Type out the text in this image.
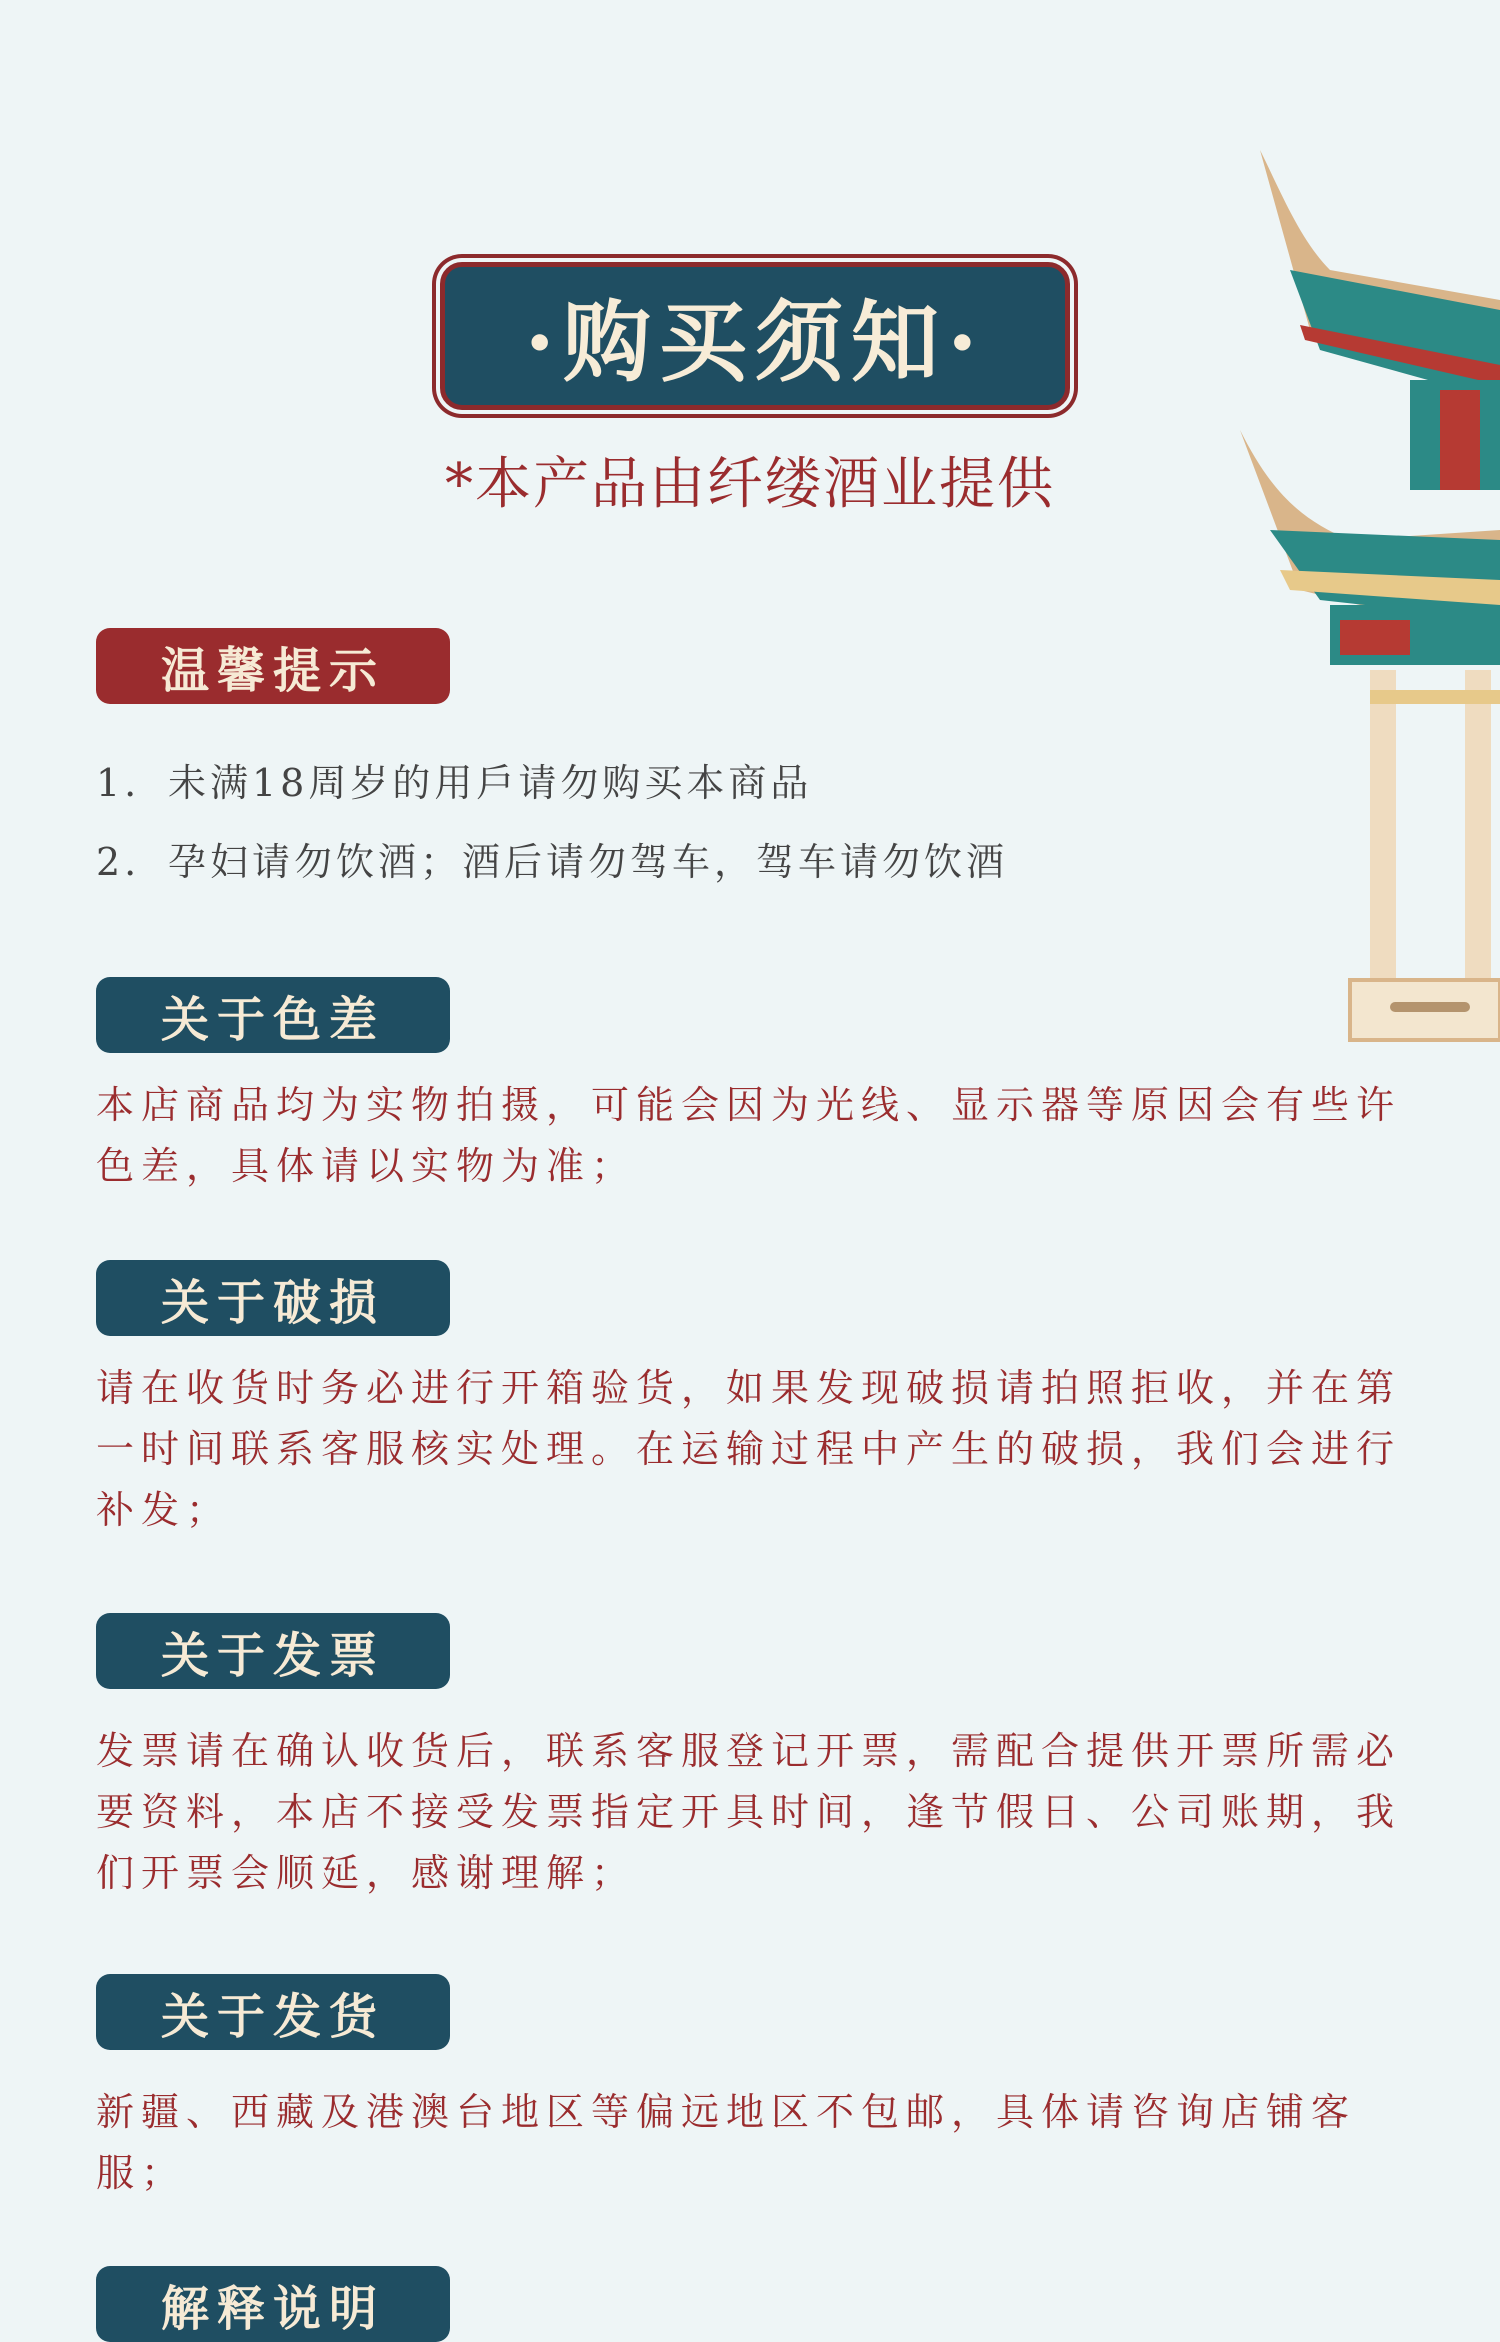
·购买须知·
*本产品由纤缕酒业提供
温馨提示
1. 未满18周岁的用戶请勿购买本商品
2. 孕妇请勿饮酒；酒后请勿驾车，驾车请勿饮酒
关于色差
本店商品均为实物拍摄，可能会因为光线、显示器等原因会有些许色差，具体请以实物为准；
关于破损
请在收货时务必进行开箱验货，如果发现破损请拍照拒收，并在第一时间联系客服核实处理。在运输过程中产生的破损，我们会进行补发；
关于发票
发票请在确认收货后，联系客服登记开票，需配合提供开票所需必要资料，本店不接受发票指定开具时间，逢节假日、公司账期，我们开票会顺延，感谢理解；
关于发货
新疆、西藏及港澳台地区等偏远地区不包邮，具体请咨询店铺客服；
解释说明
